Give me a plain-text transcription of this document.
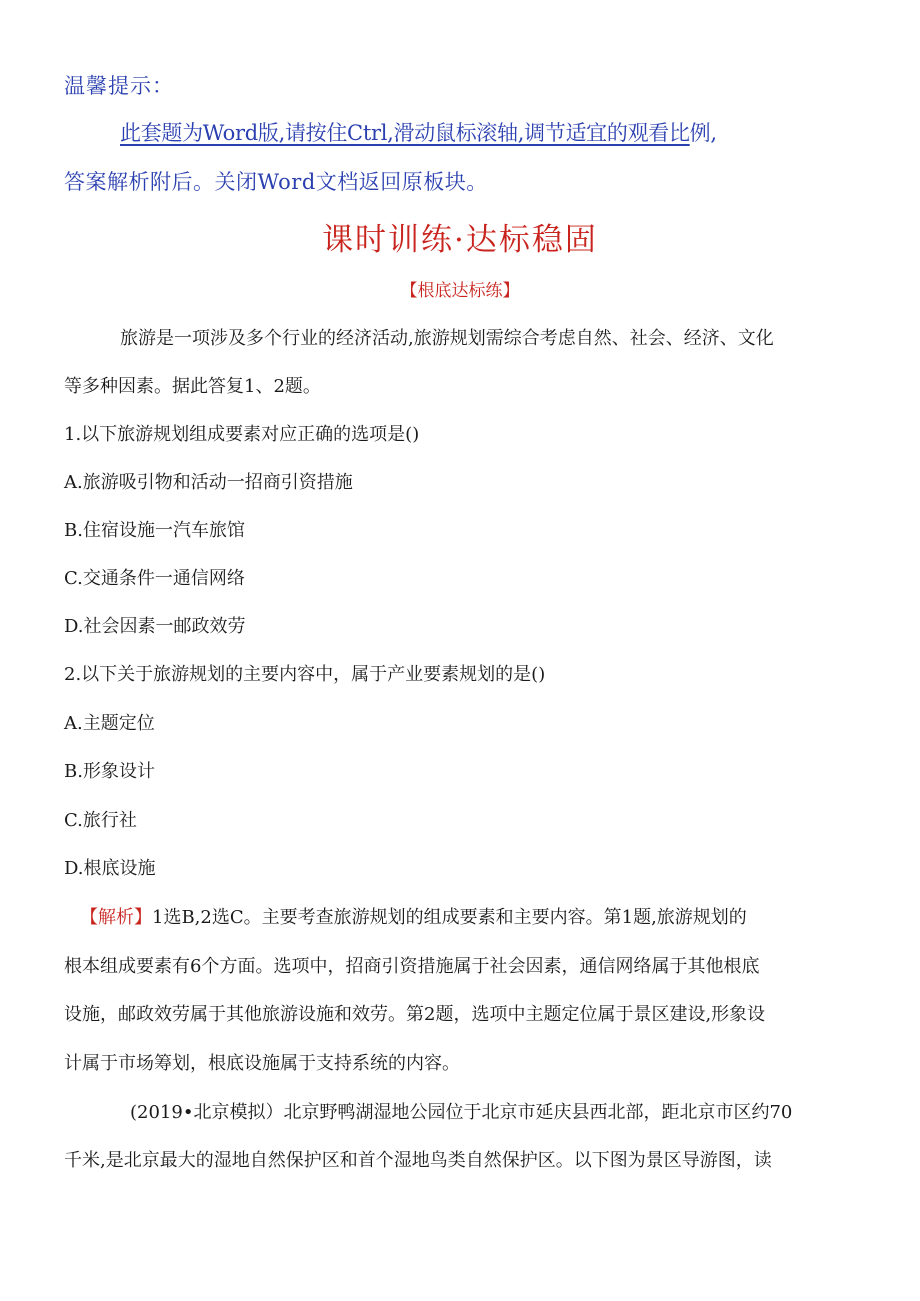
温馨提示：
此套题为Word版,请按住Ctrl,滑动鼠标滚轴,调节适宜的观看比例,
答案解析附后。关闭Word文档返回原板块。
课时训练·达标稳固
【根底达标练】
旅游是一项涉及多个行业的经济活动,旅游规划需综合考虑自然、社会、经济、文化
等多种因素。据此答复1、2题。
1.以下旅游规划组成要素对应正确的选项是()
A.旅游吸引物和活动一招商引资措施
B.住宿设施一汽车旅馆
C.交通条件一通信网络
D.社会因素一邮政效劳
2.以下关于旅游规划的主要内容中，属于产业要素规划的是()
A.主题定位
B.形象设计
C.旅行社
D.根底设施
【解析】1选B,2选C。主要考查旅游规划的组成要素和主要内容。第1题,旅游规划的
根本组成要素有6个方面。选项中，招商引资措施属于社会因素，通信网络属于其他根底
设施，邮政效劳属于其他旅游设施和效劳。第2题，选项中主题定位属于景区建设,形象设
计属于市场筹划，根底设施属于支持系统的内容。
(2019•北京模拟）北京野鸭湖湿地公园位于北京市延庆县西北部，距北京市区约70
千米,是北京最大的湿地自然保护区和首个湿地鸟类自然保护区。以下图为景区导游图，读
